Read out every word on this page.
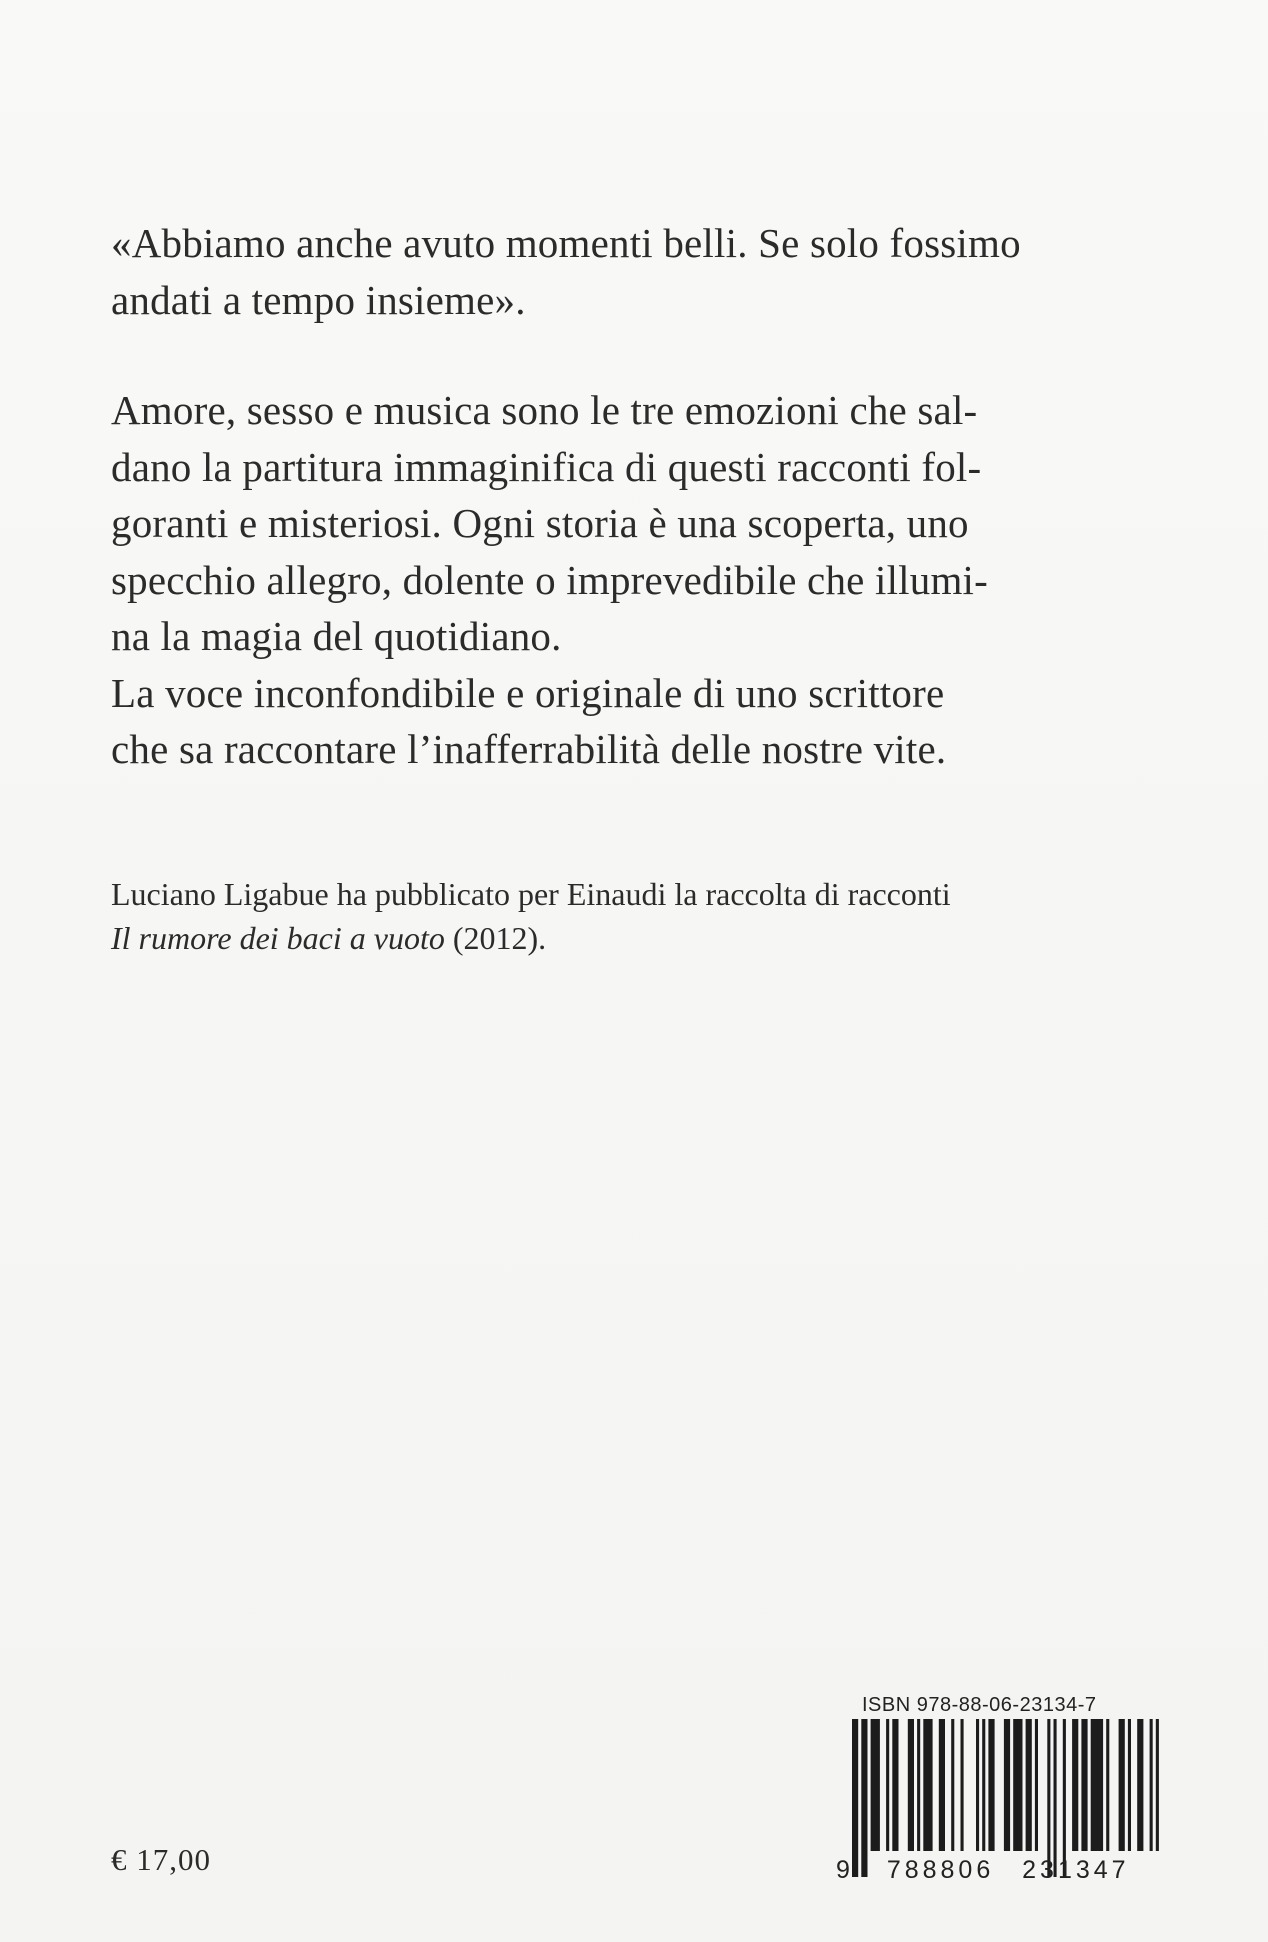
«Abbiamo anche avuto momenti belli. Se solo fossimo

andati a tempo insieme».

Amore, sesso e musica sono le tre emozioni che sal-

dano la partitura immaginifica di questi racconti fol-

goranti e misteriosi. Ogni storia è una scoperta, uno

specchio allegro, dolente o imprevedibile che illumi-

na la magia del quotidiano.

La voce inconfondibile e originale di uno scrittore

che sa raccontare l’inafferrabilità delle nostre vite.

Luciano Ligabue ha pubblicato per Einaudi la raccolta di racconti

Il rumore dei baci a vuoto (2012).

€ 17,00
ISBN 978-88-06-23134-7
9 788806 231347
